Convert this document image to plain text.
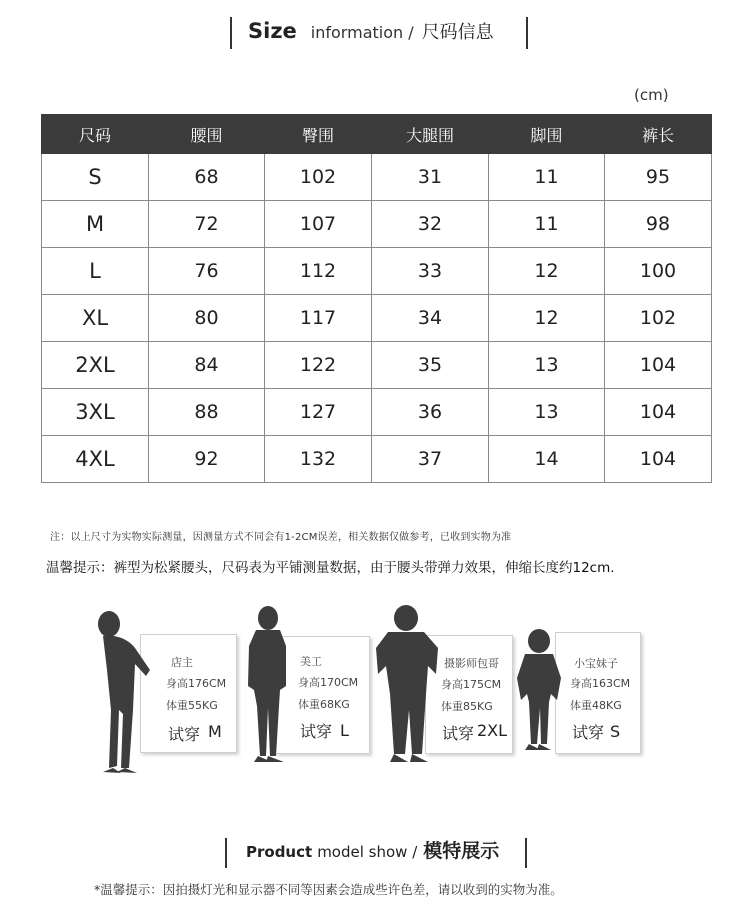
Size information / 尺码信息
(cm)
尺码	腰围	臀围	大腿围	脚围	裤长
S	68	102	31	11	95
M	72	107	32	11	98
L	76	112	33	12	100
XL	80	117	34	12	102
2XL	84	122	35	13	104
3XL	88	127	36	13	104
4XL	92	132	37	14	104
注：以上尺寸为实物实际测量，因测量方式不同会有1-2CM误差，相关数据仅做参考，已收到实物为准
温馨提示：裤型为松紧腰头，尺码表为平铺测量数据，由于腰头带弹力效果，伸缩长度约12cm.
店主
身高176CM
体重55KG
试穿 M
美工
身高170CM
体重68KG
试穿 L
摄影师包哥
身高175CM
体重85KG
试穿 2XL
小宝妹子
身高163CM
体重48KG
试穿 S
Product model show / 模特展示
*温馨提示：因拍摄灯光和显示器不同等因素会造成些许色差，请以收到的实物为准。
